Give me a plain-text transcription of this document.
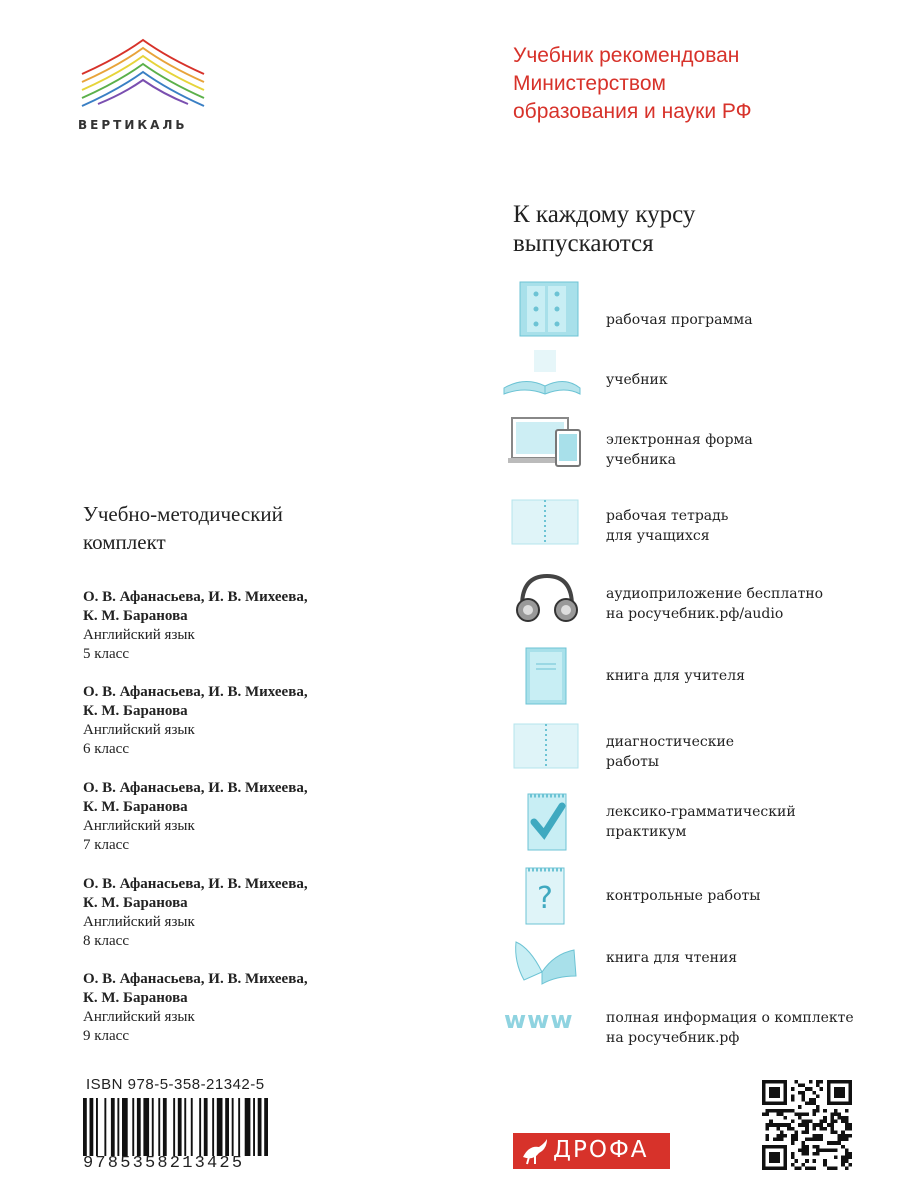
ВЕРТИКАЛЬ
Учебник рекомендован
Министерством
образования и науки РФ
К каждому курсу
выпускаются
рабочая программа
учебник
электронная форма
учебника
рабочая тетрадь
для учащихся
аудиоприложение бесплатно
на росучебник.рф/audio
книга для учителя
диагностические
работы
лексико-грамматический
практикум
?	контрольные работы
книга для чтения
www	полная информация о комплекте
на росучебник.рф
Учебно-методический
комплект
О. В. Афанасьева, И. В. Михеева,
К. М. Баранова
Английский язык
5 класс
О. В. Афанасьева, И. В. Михеева,
К. М. Баранова
Английский язык
6 класс
О. В. Афанасьева, И. В. Михеева,
К. М. Баранова
Английский язык
7 класс
О. В. Афанасьева, И. В. Михеева,
К. М. Баранова
Английский язык
8 класс
О. В. Афанасьева, И. В. Михеева,
К. М. Баранова
Английский язык
9 класс
ISBN 978-5-358-21342-5
9785358213425
ДРОФА
